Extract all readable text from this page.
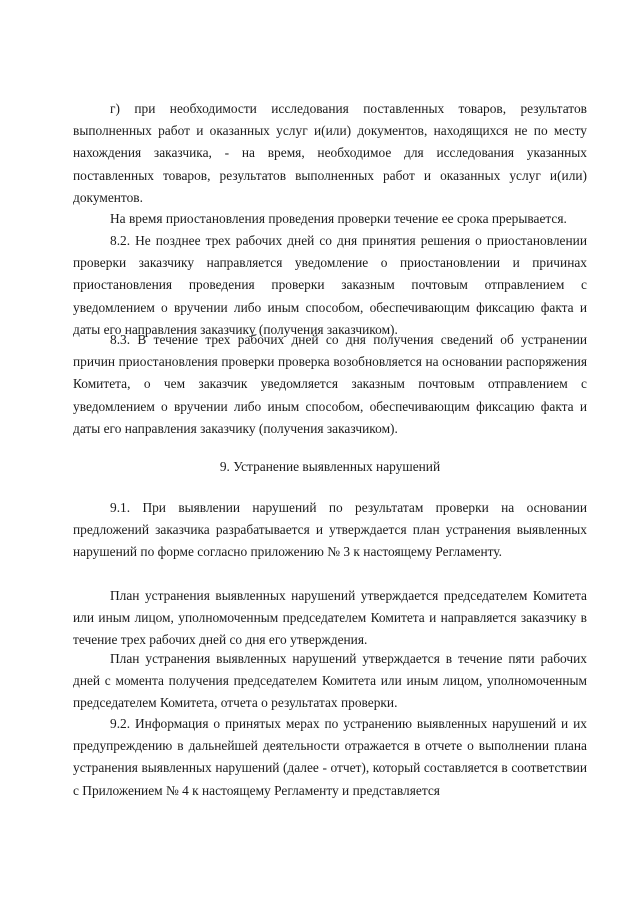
г) при необходимости исследования поставленных товаров, результатов выполненных работ и оказанных услуг и(или) документов, находящихся не по месту нахождения заказчика, - на время, необходимое для исследования указанных поставленных товаров, результатов выполненных работ и оказанных услуг и(или) документов.

На время приостановления проведения проверки течение ее срока прерывается.

8.2. Не позднее трех рабочих дней со дня принятия решения о приостановлении проверки заказчику направляется уведомление о приостановлении и причинах приостановления проведения проверки заказным почтовым отправлением с уведомлением о вручении либо иным способом, обеспечивающим фиксацию факта и даты его направления заказчику (получения заказчиком).

8.3. В течение трех рабочих дней со дня получения сведений об устранении причин приостановления проверки проверка возобновляется на основании распоряжения Комитета, о чем заказчик уведомляется заказным почтовым отправлением с уведомлением о вручении либо иным способом, обеспечивающим фиксацию факта и даты его направления заказчику (получения заказчиком).

9. Устранение выявленных нарушений

9.1. При выявлении нарушений по результатам проверки на основании предложений заказчика разрабатывается и утверждается план устранения выявленных нарушений по форме согласно приложению № 3 к настоящему Регламенту.

План устранения выявленных нарушений утверждается председателем Комитета или иным лицом, уполномоченным председателем Комитета и направляется заказчику в течение трех рабочих дней со дня его утверждения.

План устранения выявленных нарушений утверждается в течение пяти рабочих дней с момента получения председателем Комитета или иным лицом, уполномоченным председателем Комитета, отчета о результатах проверки.

9.2. Информация о принятых мерах по устранению выявленных нарушений и их предупреждению в дальнейшей деятельности отражается в отчете о выполнении плана устранения выявленных нарушений (далее - отчет), который составляется в соответствии с Приложением № 4 к настоящему Регламенту и представляется
